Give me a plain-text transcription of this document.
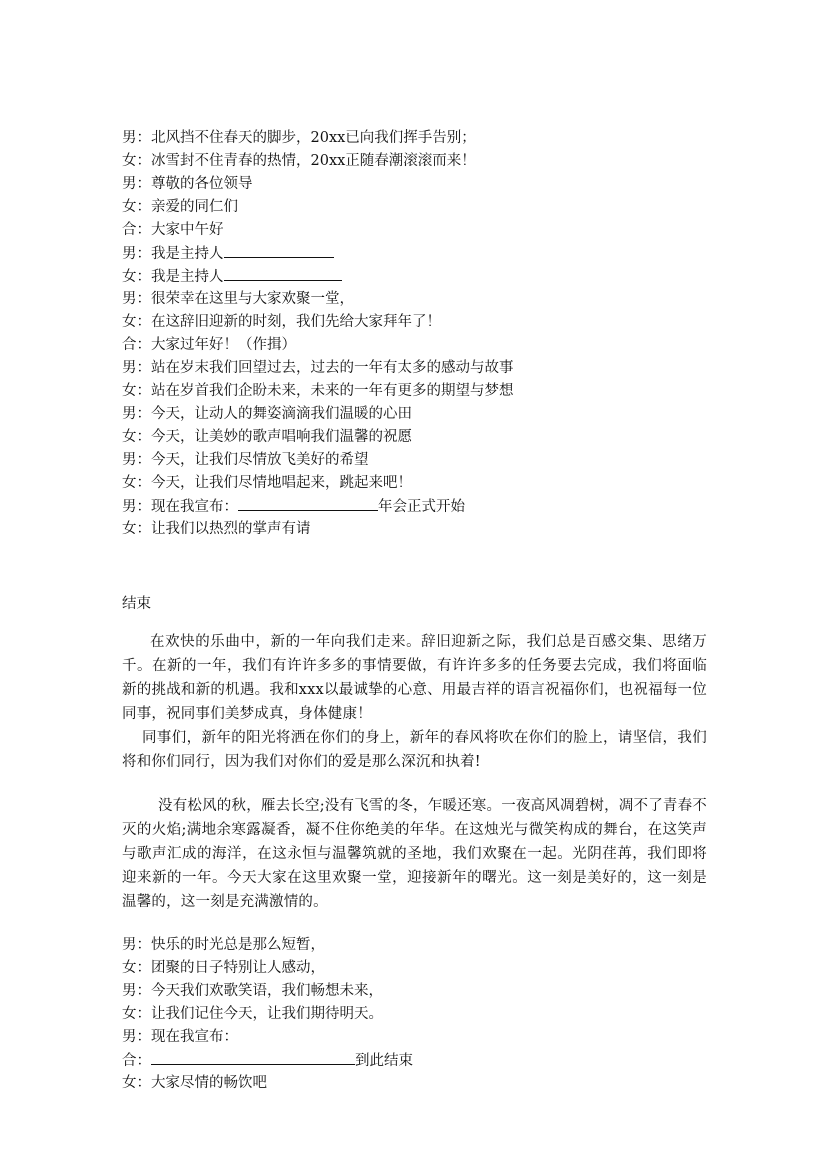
男：北风挡不住春天的脚步，20xx已向我们挥手告别；
女：冰雪封不住青春的热情，20xx正随春潮滚滚而来！
男：尊敬的各位领导
女：亲爱的同仁们
合：大家中午好
男：我是主持人
女：我是主持人
男：很荣幸在这里与大家欢聚一堂，
女：在这辞旧迎新的时刻，我们先给大家拜年了！
合：大家过年好！（作揖）
男：站在岁末我们回望过去，过去的一年有太多的感动与故事
女：站在岁首我们企盼未来，未来的一年有更多的期望与梦想
男：今天，让动人的舞姿滴滴我们温暖的心田
女：今天，让美妙的歌声唱响我们温馨的祝愿
男：今天，让我们尽情放飞美好的希望
女：今天，让我们尽情地唱起来，跳起来吧！
男：现在我宣布：	年会正式开始
女：让我们以热烈的掌声有请
结束

在欢快的乐曲中，新的一年向我们走来。辞旧迎新之际，我们总是百感交集、思绪万千。在新的一年，我们有许许多多的事情要做，有许许多多的任务要去完成，我们将面临新的挑战和新的机遇。我和xxx以最诚挚的心意、用最吉祥的语言祝福你们，也祝福每一位同事，祝同事们美梦成真，身体健康！

同事们，新年的阳光将洒在你们的身上，新年的春风将吹在你们的脸上，请坚信，我们将和你们同行，因为我们对你们的爱是那么深沉和执着!

没有松风的秋，雁去长空;没有飞雪的冬，乍暖还寒。一夜高风凋碧树，凋不了青春不灭的火焰;满地余寒露凝香，凝不住你绝美的年华。在这烛光与微笑构成的舞台，在这笑声与歌声汇成的海洋，在这永恒与温馨筑就的圣地，我们欢聚在一起。光阴荏苒，我们即将迎来新的一年。今天大家在这里欢聚一堂，迎接新年的曙光。这一刻是美好的，这一刻是温馨的，这一刻是充满激情的。

男：快乐的时光总是那么短暂，
女：团聚的日子特别让人感动，
男：今天我们欢歌笑语，我们畅想未来，
女：让我们记住今天，让我们期待明天。
男：现在我宣布：
合：	到此结束
女：大家尽情的畅饮吧
